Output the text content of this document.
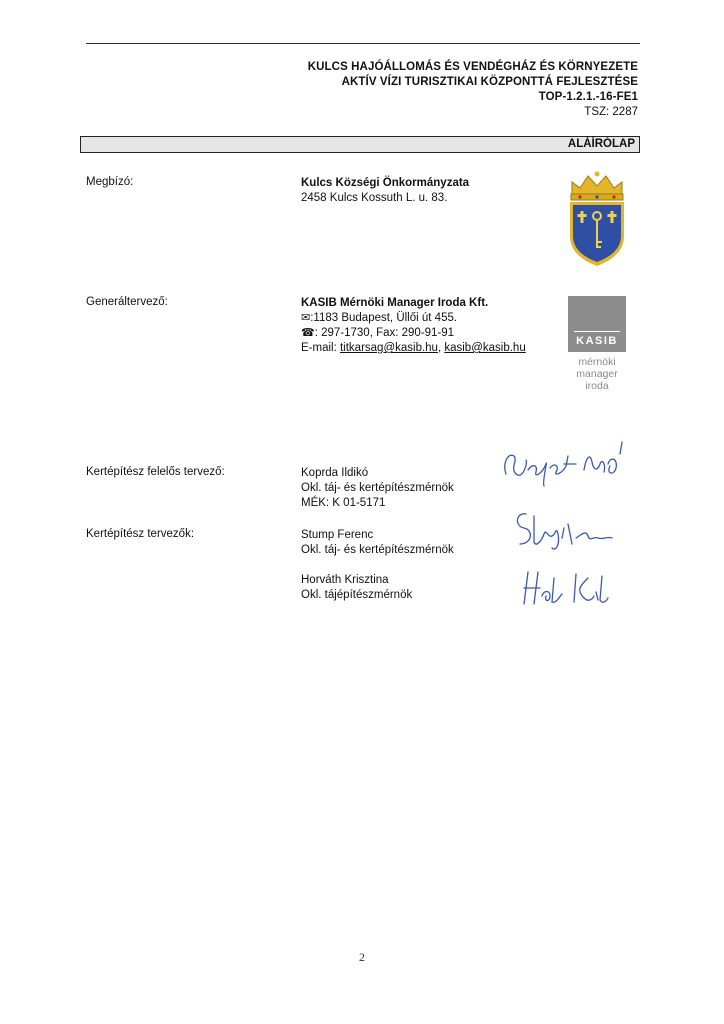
KULCS HAJÓÁLLOMÁS ÉS VENDÉGHÁZ ÉS KÖRNYEZETE
AKTÍV VÍZI TURISZTIKAI KÖZPONTTÁ FEJLESZTÉSE
TOP-1.2.1.-16-FE1
TSZ: 2287
ALÁÍRÓLAP
Megbízó:	Kulcs Községi Önkormányzata
2458 Kulcs Kossuth L. u. 83.
Generáltervező:	KASIB Mérnöki Manager Iroda Kft.
✉:1183 Budapest, Üllői út 455.
☎: 297-1730, Fax: 290-91-91
E-mail: titkarsag@kasib.hu, kasib@kasib.hu
KASIB
mérnöki
manager
iroda
Kertépítész felelős tervező:	Koprda Ildikó
Okl. táj- és kertépítészmérnök
MÉK: K 01-5171
Kertépítész tervezők:	Stump Ferenc
Okl. táj- és kertépítészmérnök
Horváth Krisztina
Okl. tájépítészmérnök
2
